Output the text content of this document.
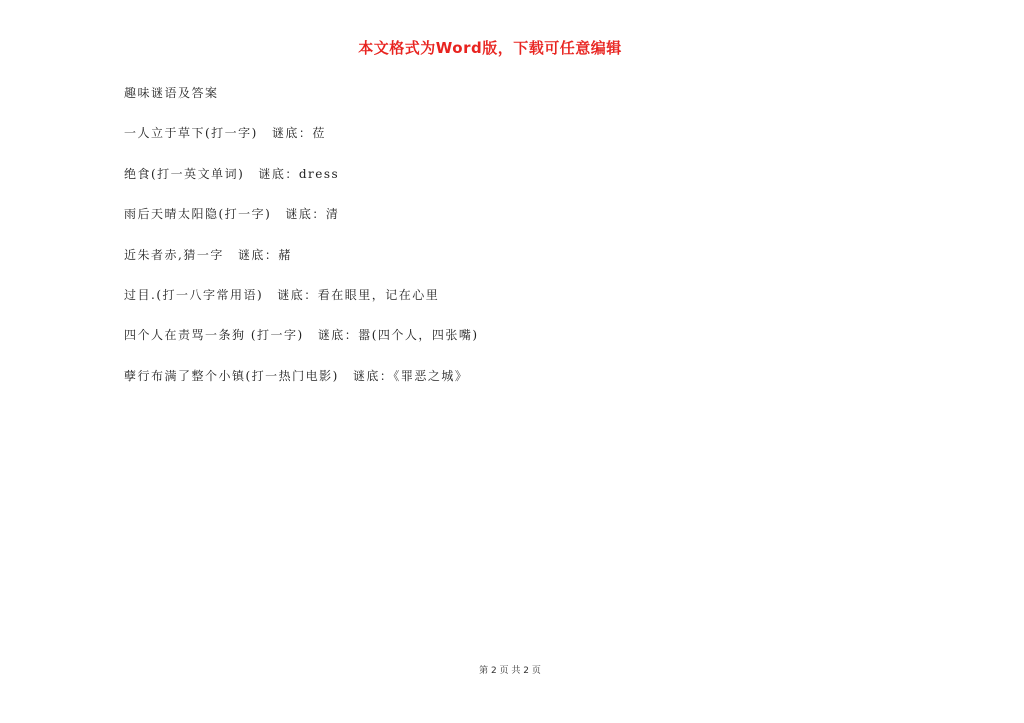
本文格式为Word版，下载可任意编辑
趣味谜语及答案
一人立于草下(打一字) 谜底：莅
绝食(打一英文单词) 谜底：dress
雨后天晴太阳隐(打一字) 谜底：清
近朱者赤,猜一字 谜底：赭
过目.(打一八字常用语) 谜底：看在眼里，记在心里
四个人在责骂一条狗 (打一字) 谜底：嚣(四个人，四张嘴)
孽行布满了整个小镇(打一热门电影) 谜底：《罪恶之城》
第 2 页 共 2 页
